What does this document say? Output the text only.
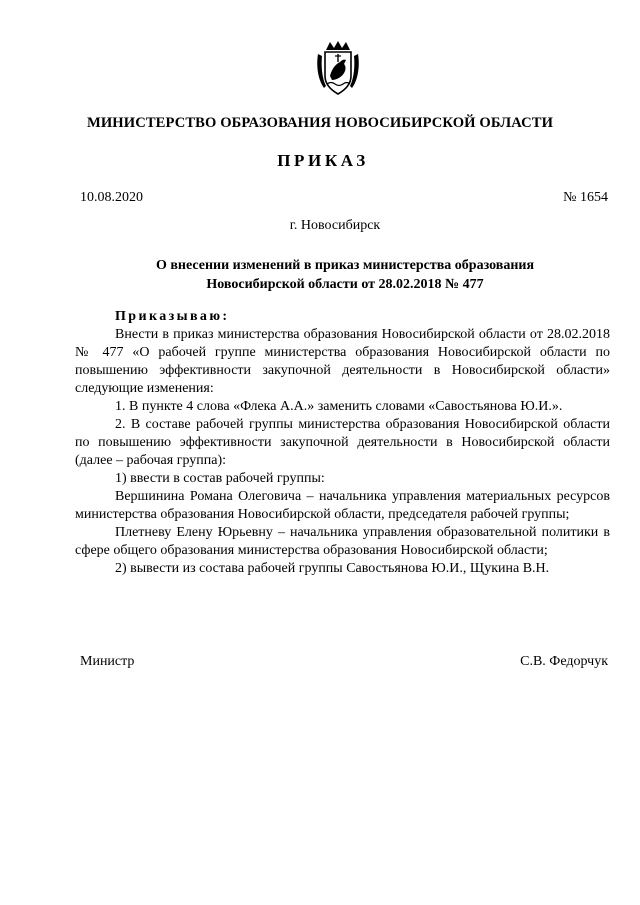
МИНИСТЕРСТВО ОБРАЗОВАНИЯ НОВОСИБИРСКОЙ ОБЛАСТИ
ПРИКАЗ
10.08.2020	№ 1654
г. Новосибирск
О внесении изменений в приказ министерства образования
Новосибирской области от 28.02.2018 № 477

Приказываю:

Внести в приказ министерства образования Новосибирской области от 28.02.2018 № 477 «О рабочей группе министерства образования Новосибирской области по повышению эффективности закупочной деятельности в Новосибирской области» следующие изменения:

1. В пункте 4 слова «Флека А.А.» заменить словами «Савостьянова Ю.И.».

2. В составе рабочей группы министерства образования Новосибирской области по повышению эффективности закупочной деятельности в Новосибирской области (далее – рабочая группа):

1) ввести в состав рабочей группы:

Вершинина Романа Олеговича – начальника управления материальных ресурсов министерства образования Новосибирской области, председателя рабочей группы;

Плетневу Елену Юрьевну – начальника управления образовательной политики в сфере общего образования министерства образования Новосибирской области;

2) вывести из состава рабочей группы Савостьянова Ю.И., Щукина В.Н.

Министр	С.В. Федорчук
